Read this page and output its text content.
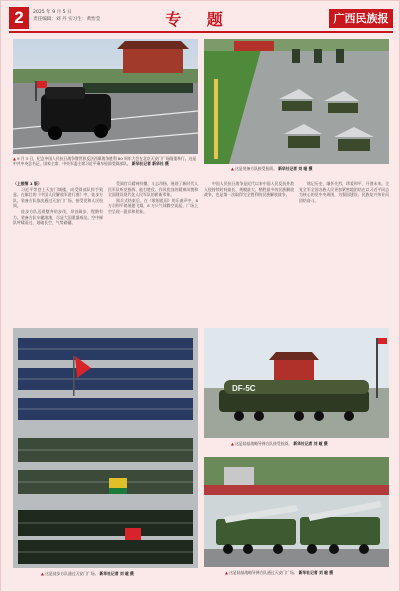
2	2025 年 9 月 5 日
责任编辑：刘 丹 实习生：黄怡莹	专 题	广西民族报
▲ 9 月 3 日，纪念中国人民抗日战争暨世界反法西斯战争胜利 80 周年大会在北京天安门广场隆重举行。这是中共中央总书记、国家主席、中央军委主席习近平乘车检阅受阅部队。 新华社记者 新华社 摄
▲ 这是装备方队接受检阅。 新华社记者 刘 暄 摄
（上接第 1 版）

习近平等登上天安门城楼，向受阅部队挥手致意。在雄壮的《中国人民解放军进行曲》中，徒步方队、装备方队依次通过天安门广场，接受党和人民检阅。

徒步方队迈着整齐的步伐，昂首阔步、铿锵有力。装备方队车辙滚滚，尽显大国重器威仪。空中梯队呼啸而过，划破长空，气势磅礴。

受阅官兵精神抖擞、斗志昂扬，展现了新时代人民军队听党指挥、能打胜仗、作风优良的精神风貌和全面建设现代化人民军队的崭新形象。

阅兵式结束后，在《歌唱祖国》的乐曲声中，8 万羽和平鸽展翅飞翔，8 万只气球腾空而起，广场上空呈现一派祥和景象。

中国人民抗日战争是近代以来中国人民反抗外敌入侵持续时间最长、规模最大、牺牲最多的民族解放战争，也是第一次取得完全胜利的民族解放战争。

铭记历史，缅怀先烈，珍爱和平，开创未来。全党全军全国各族人民更加紧密地团结在以习近平同志为核心的党中央周围，为强国建设、民族复兴伟业而团结奋斗。

▲ 这是徒步方队通过天安门广场。 新华社记者 刘 暄 摄
DF-5C
▲ 这是陆基战略导弹方队接受检阅。 新华社记者 刘 暄 摄
▲ 这是陆基战略导弹方队通过天安门广场。 新华社记者 刘 暄 摄
